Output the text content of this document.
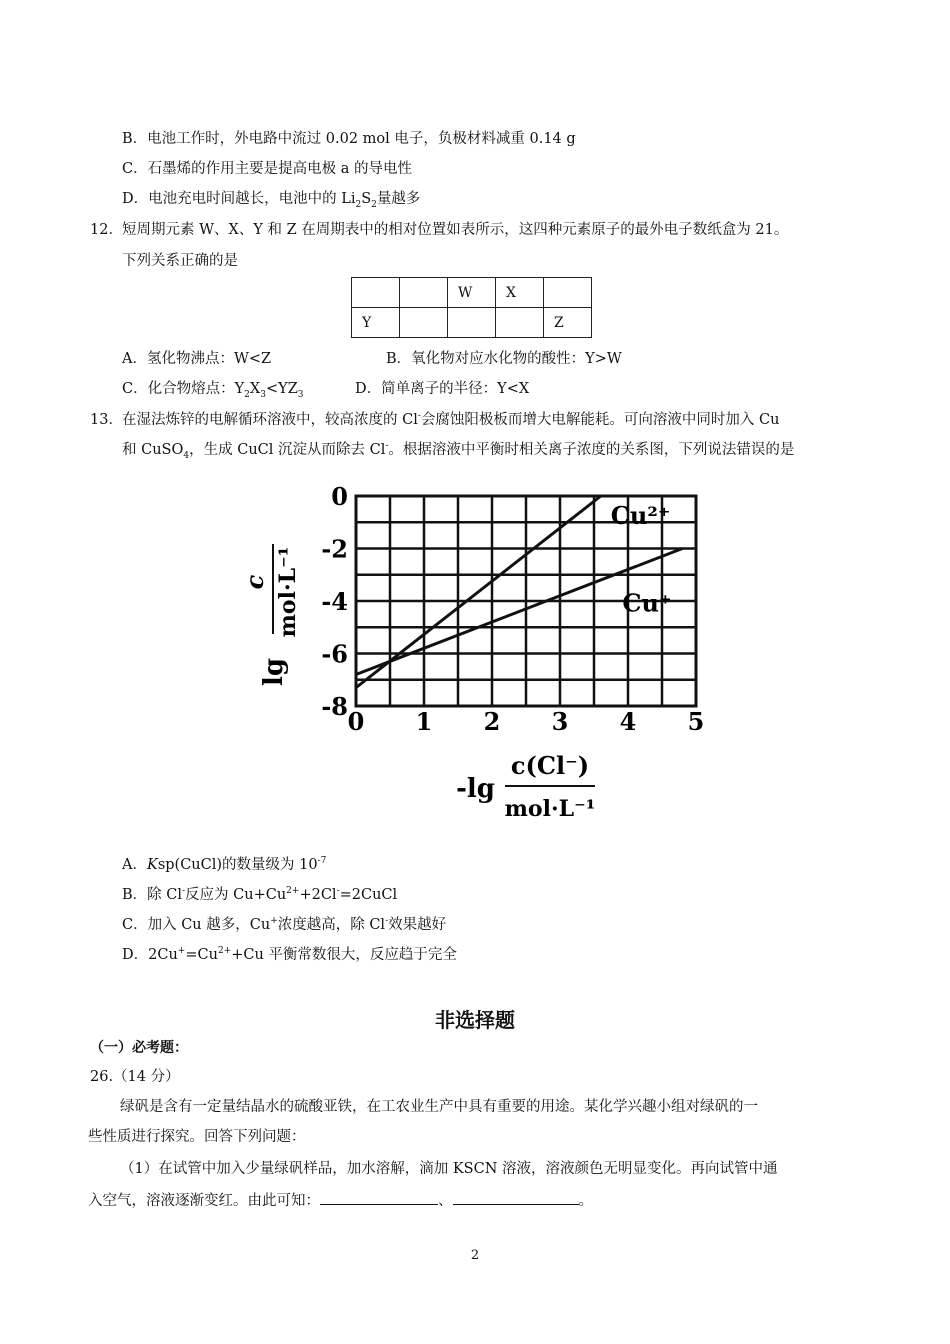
B．电池工作时，外电路中流过 0.02 mol 电子，负极材料减重 0.14 g
C．石墨烯的作用主要是提高电极 a 的导电性
D．电池充电时间越长，电池中的 $Li_2S_2$量越多
12． 短周期元素 W、X、Y 和 Z 在周期表中的相对位置如表所示，这四种元素原子的最外电子数纸盒为 21。
下列关系正确的是
		W	X	
Y				Z
A．氢化物沸点：W<Z	B．氧化物对应水化物的酸性：Y>W
C．化合物熔点：$Y_2X_3<YZ_3$	D．简单离子的半径：Y<X
13． 在湿法炼锌的电解循环溶液中，较高浓度的 Cl-会腐蚀阳极板而增大电解能耗。可向溶液中同时加入 Cu
和 CuSO$_4$，生成 CuCl 沉淀从而除去 Cl-。根据溶液中平衡时相关离子浓度的关系图，下列说法错误的是
Cu²⁺
Cu⁺
0 1 2 3 4 5
0
-2
-4
-6
-8
lg
c mol·L⁻¹
-lg
c(Cl⁻)
mol·L⁻¹
A．Ksp(CuCl)的数量级为 $10^{-7}$
B．除 Cl-反应为 $Cu+Cu^{2+}+2Cl^-=2CuCl$
C．加入 Cu 越多，Cu+浓度越高，除 Cl-效果越好
D．$2Cu^+=Cu^{2+}+Cu$ 平衡常数很大，反应趋于完全
非选择题
（一）必考题：
26.（14 分）
绿矾是含有一定量结晶水的硫酸亚铁，在工农业生产中具有重要的用途。某化学兴趣小组对绿矾的一
些性质进行探究。回答下列问题：
（1）在试管中加入少量绿矾样品，加水溶解，滴加 KSCN 溶液，溶液颜色无明显变化。再向试管中通
入空气，溶液逐渐变红。由此可知：	、	。
2
